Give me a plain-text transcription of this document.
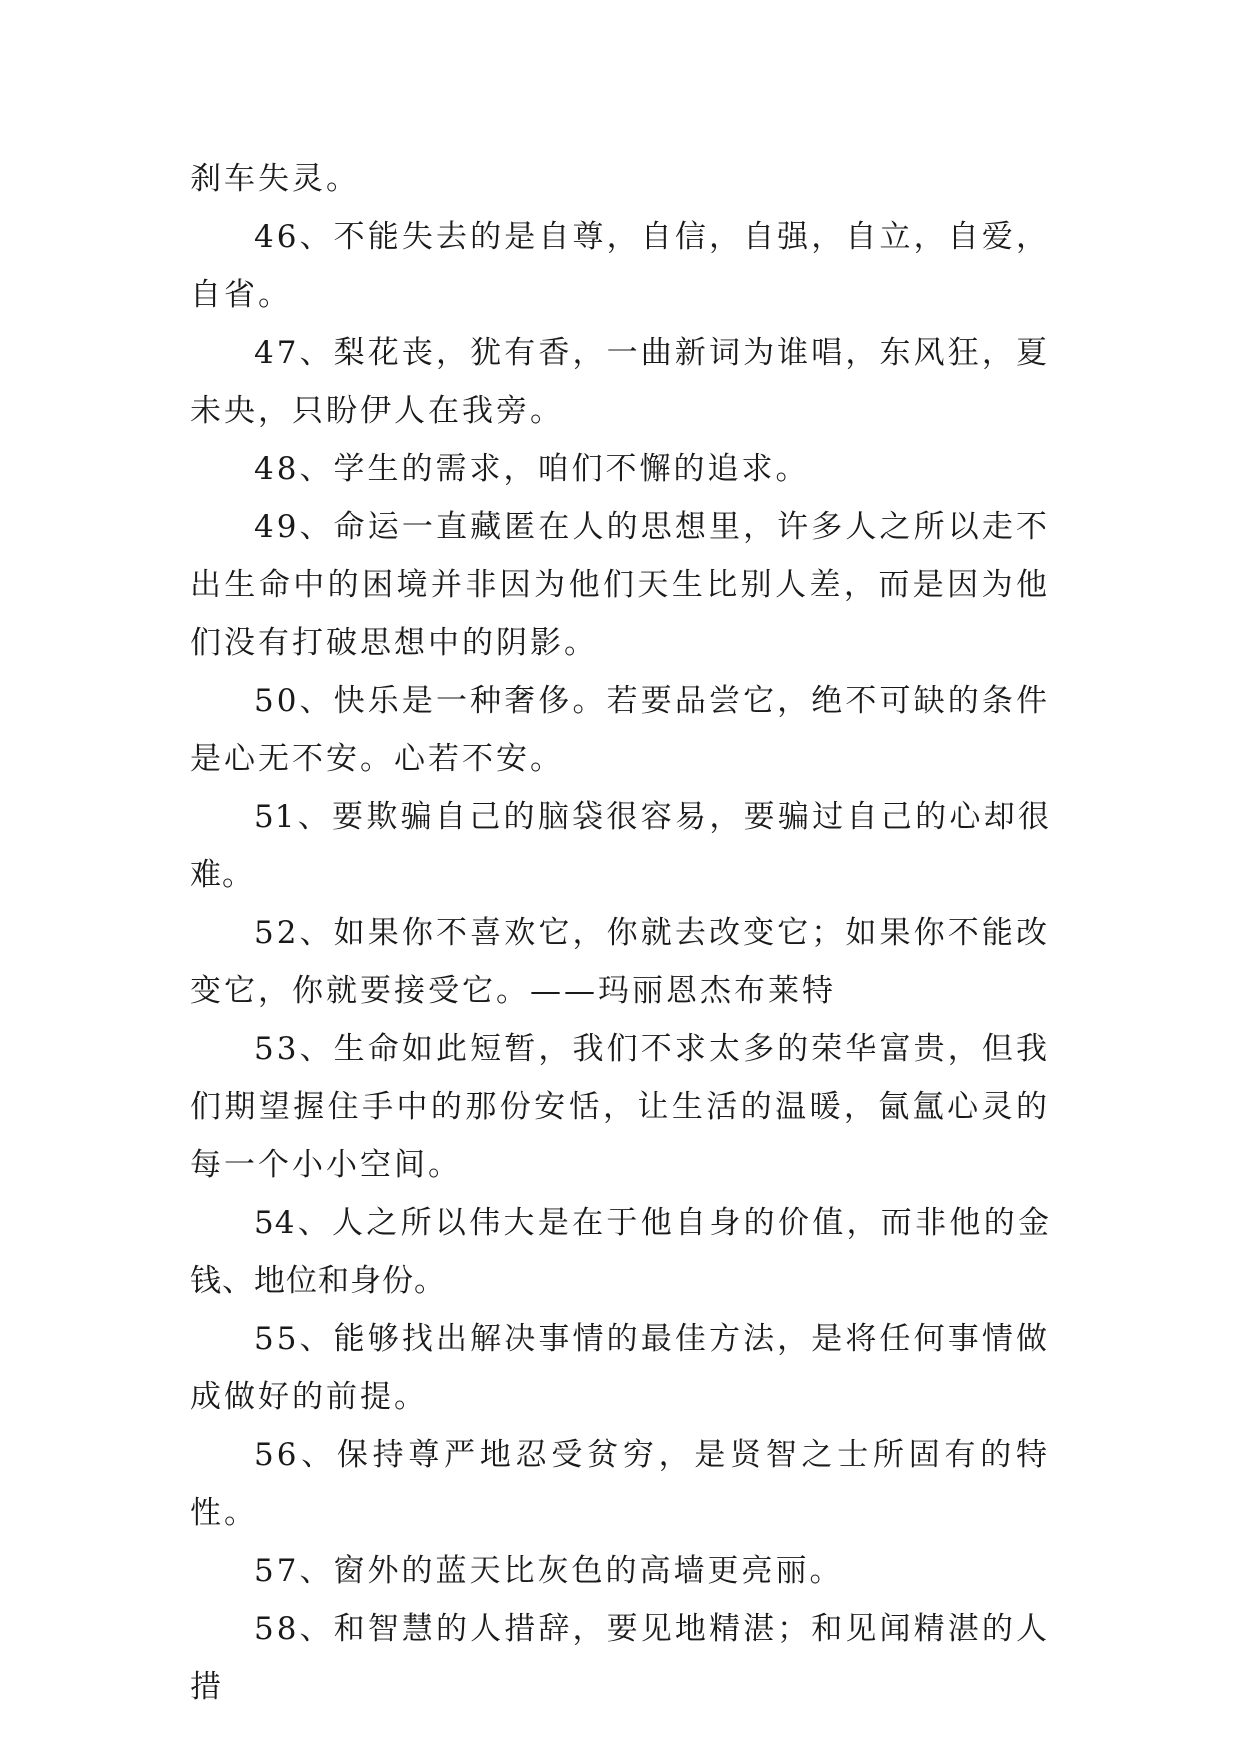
刹车失灵。

46、不能失去的是自尊，自信，自强，自立，自爱，自省。

47、梨花丧，犹有香，一曲新词为谁唱，东风狂，夏未央，只盼伊人在我旁。

48、学生的需求，咱们不懈的追求。

49、命运一直藏匿在人的思想里，许多人之所以走不出生命中的困境并非因为他们天生比别人差，而是因为他们没有打破思想中的阴影。

50、快乐是一种奢侈。若要品尝它，绝不可缺的条件是心无不安。心若不安。

51、要欺骗自己的脑袋很容易，要骗过自己的心却很难。

52、如果你不喜欢它，你就去改变它；如果你不能改变它，你就要接受它。——玛丽恩杰布莱特

53、生命如此短暂，我们不求太多的荣华富贵，但我们期望握住手中的那份安恬，让生活的温暖，氤氲心灵的每一个小小空间。

54、人之所以伟大是在于他自身的价值，而非他的金钱、地位和身份。

55、能够找出解决事情的最佳方法，是将任何事情做成做好的前提。

56、保持尊严地忍受贫穷，是贤智之士所固有的特性。

57、窗外的蓝天比灰色的高墙更亮丽。

58、和智慧的人措辞，要见地精湛；和见闻精湛的人措
